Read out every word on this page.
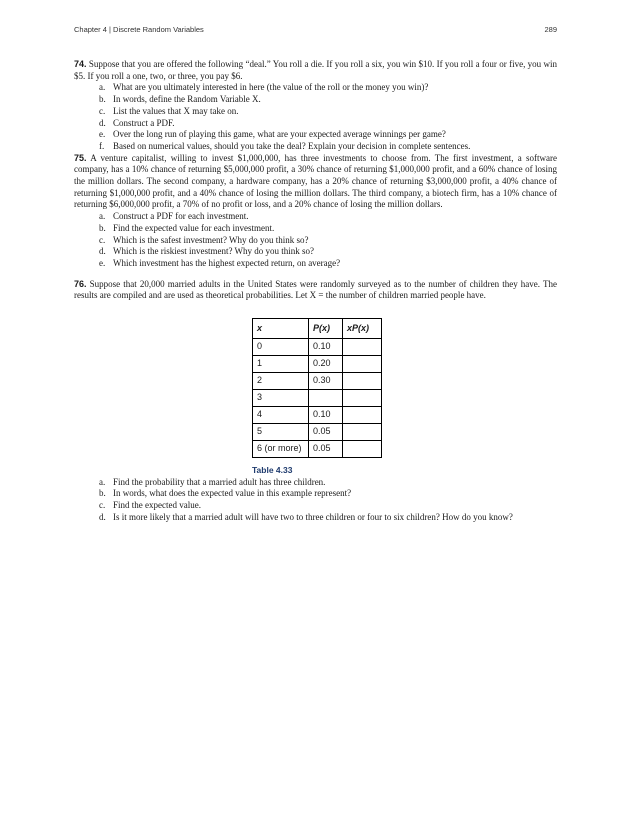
Chapter 4 | Discrete Random Variables	289

74. Suppose that you are offered the following “deal.” You roll a die. If you roll a six, you win $10. If you roll a four or five, you win $5. If you roll a one, two, or three, you pay $6.

a. What are you ultimately interested in here (the value of the roll or the money you win)?
b. In words, define the Random Variable X.
c. List the values that X may take on.
d. Construct a PDF.
e. Over the long run of playing this game, what are your expected average winnings per game?
f. Based on numerical values, should you take the deal? Explain your decision in complete sentences.

75. A venture capitalist, willing to invest $1,000,000, has three investments to choose from. The first investment, a software company, has a 10% chance of returning $5,000,000 profit, a 30% chance of returning $1,000,000 profit, and a 60% chance of losing the million dollars. The second company, a hardware company, has a 20% chance of returning $3,000,000 profit, a 40% chance of returning $1,000,000 profit, and a 40% chance of losing the million dollars. The third company, a biotech firm, has a 10% chance of returning $6,000,000 profit, a 70% of no profit or loss, and a 20% chance of losing the million dollars.

a. Construct a PDF for each investment.
b. Find the expected value for each investment.
c. Which is the safest investment? Why do you think so?
d. Which is the riskiest investment? Why do you think so?
e. Which investment has the highest expected return, on average?

76. Suppose that 20,000 married adults in the United States were randomly surveyed as to the number of children they have. The results are compiled and are used as theoretical probabilities. Let X = the number of children married people have.

x	P(x)	xP(x)
0	0.10	
1	0.20	
2	0.30	
3		
4	0.10	
5	0.05	
6 (or more)	0.05	
Table 4.33
a. Find the probability that a married adult has three children.
b. In words, what does the expected value in this example represent?
c. Find the expected value.
d. Is it more likely that a married adult will have two to three children or four to six children? How do you know?
